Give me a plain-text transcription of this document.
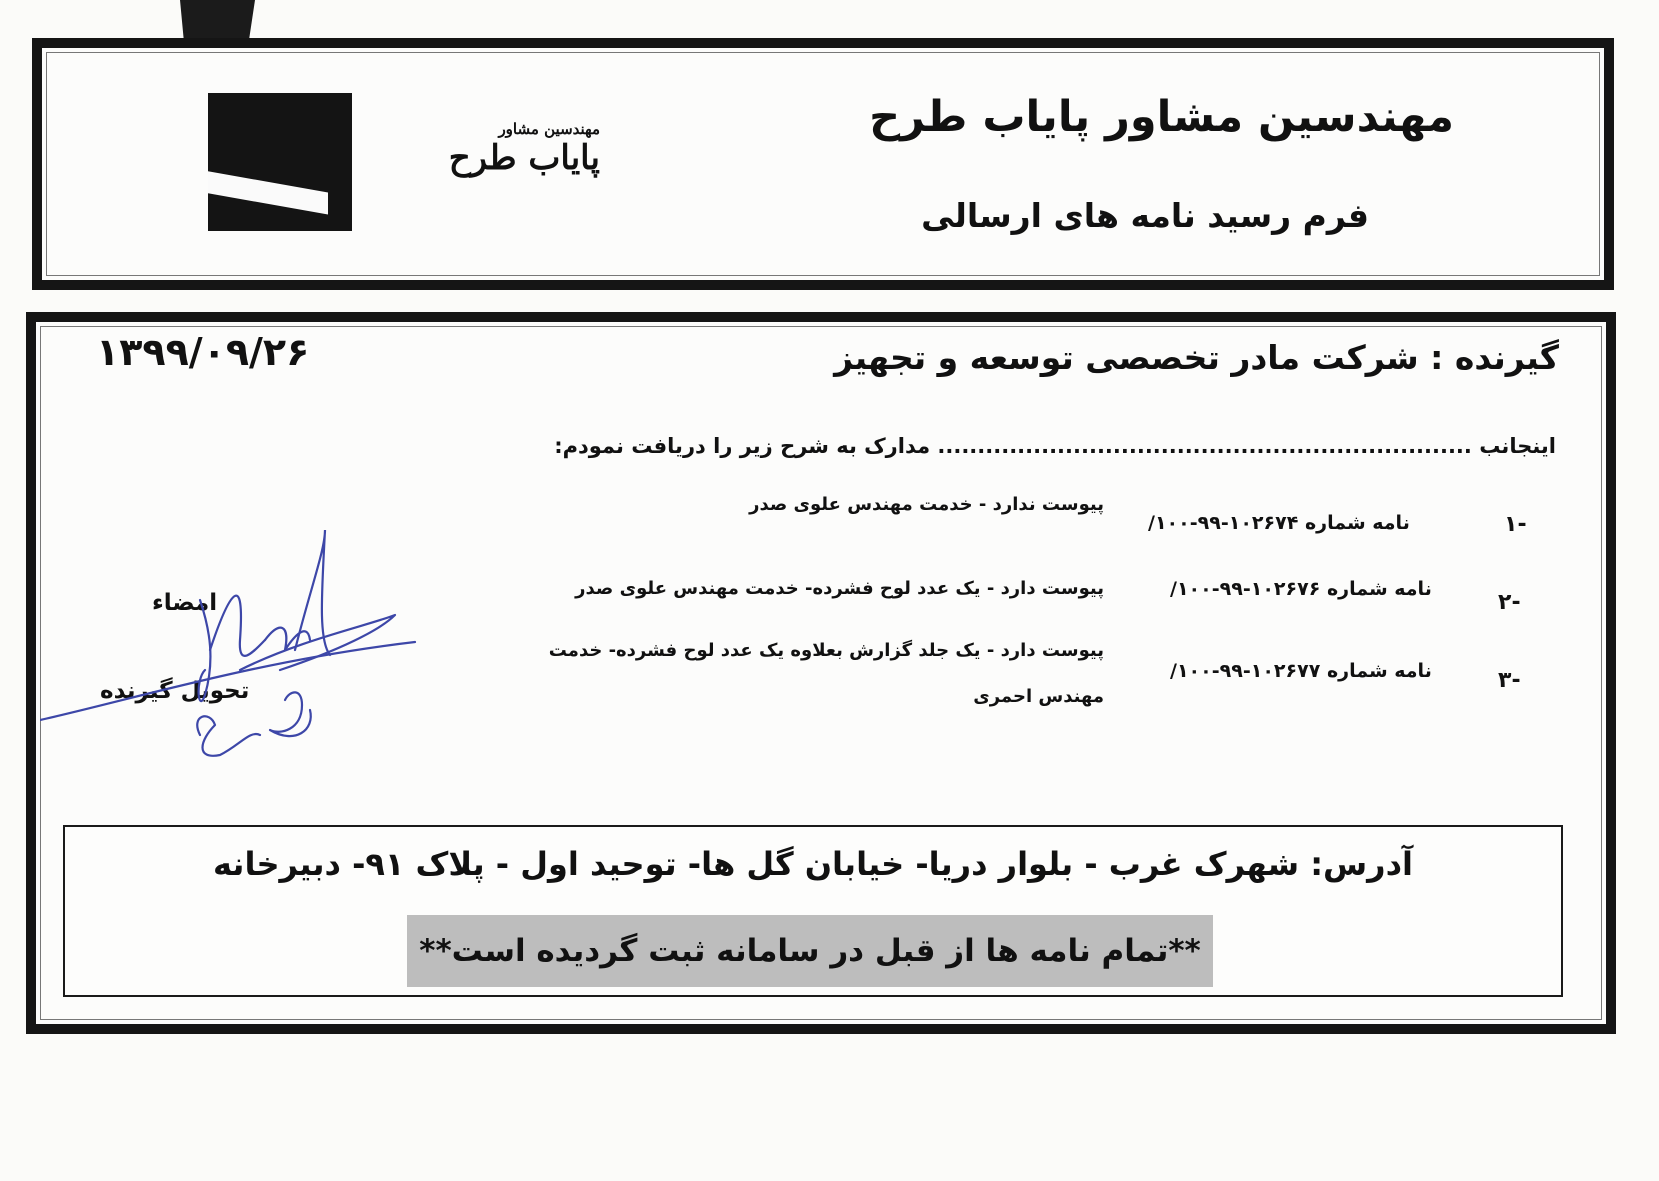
مهندسین مشاور
پایاب طرح
مهندسین مشاور پایاب طرح
فرم رسید نامه های ارسالی
گیرنده : شرکت مادر تخصصی توسعه و تجهیز
۱۳۹۹/۰۹/۲۶
اینجانب ................................................................... مدارک به شرح زیر را دریافت نمودم:
-۱
نامه شماره ۱۰۲۶۷۴-۹۹-۱۰۰/
پیوست ندارد - خدمت مهندس علوی صدر
-۲
نامه شماره ۱۰۲۶۷۶-۹۹-۱۰۰/
پیوست دارد - یک عدد لوح فشرده- خدمت مهندس علوی صدر
-۳
نامه شماره ۱۰۲۶۷۷-۹۹-۱۰۰/
پیوست دارد - یک جلد گزارش بعلاوه یک عدد لوح فشرده- خدمت مهندس احمری
امضاء
تحویل گیرنده
آدرس: شهرک غرب - بلوار دریا- خیابان گل ها- توحید اول - پلاک ۹۱- دبیرخانه
**تمام نامه ها از قبل در سامانه ثبت گردیده است**
